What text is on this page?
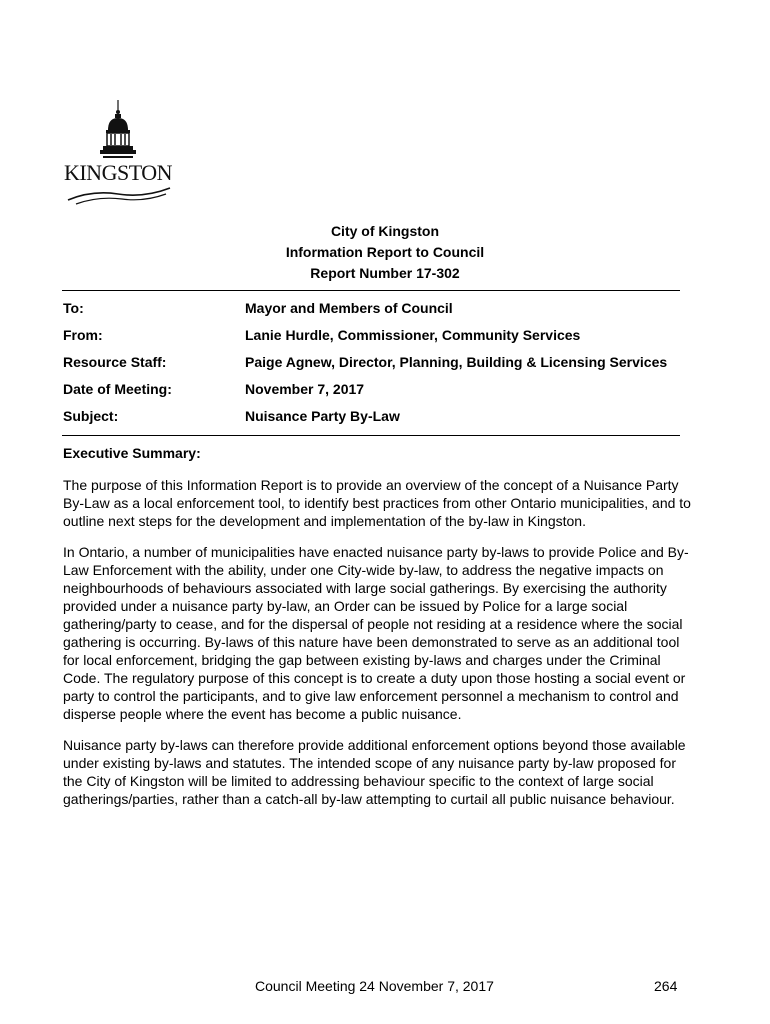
KINGSTON
City of Kingston
Information Report to Council
Report Number 17-302
To:	Mayor and Members of Council
From:	Lanie Hurdle, Commissioner, Community Services
Resource Staff:	Paige Agnew, Director, Planning, Building & Licensing Services
Date of Meeting:	November 7, 2017
Subject:	Nuisance Party By-Law
Executive Summary:

The purpose of this Information Report is to provide an overview of the concept of a Nuisance Party By-Law as a local enforcement tool, to identify best practices from other Ontario municipalities, and to outline next steps for the development and implementation of the by-law in Kingston.

In Ontario, a number of municipalities have enacted nuisance party by-laws to provide Police and By-Law Enforcement with the ability, under one City-wide by-law, to address the negative impacts on neighbourhoods of behaviours associated with large social gatherings. By exercising the authority provided under a nuisance party by-law, an Order can be issued by Police for a large social gathering/party to cease, and for the dispersal of people not residing at a residence where the social gathering is occurring. By-laws of this nature have been demonstrated to serve as an additional tool for local enforcement, bridging the gap between existing by-laws and charges under the Criminal Code. The regulatory purpose of this concept is to create a duty upon those hosting a social event or party to control the participants, and to give law enforcement personnel a mechanism to control and disperse people where the event has become a public nuisance.

Nuisance party by-laws can therefore provide additional enforcement options beyond those available under existing by-laws and statutes. The intended scope of any nuisance party by-law proposed for the City of Kingston will be limited to addressing behaviour specific to the context of large social gatherings/parties, rather than a catch-all by-law attempting to curtail all public nuisance behaviour.

Council Meeting 24 November 7, 2017	264
